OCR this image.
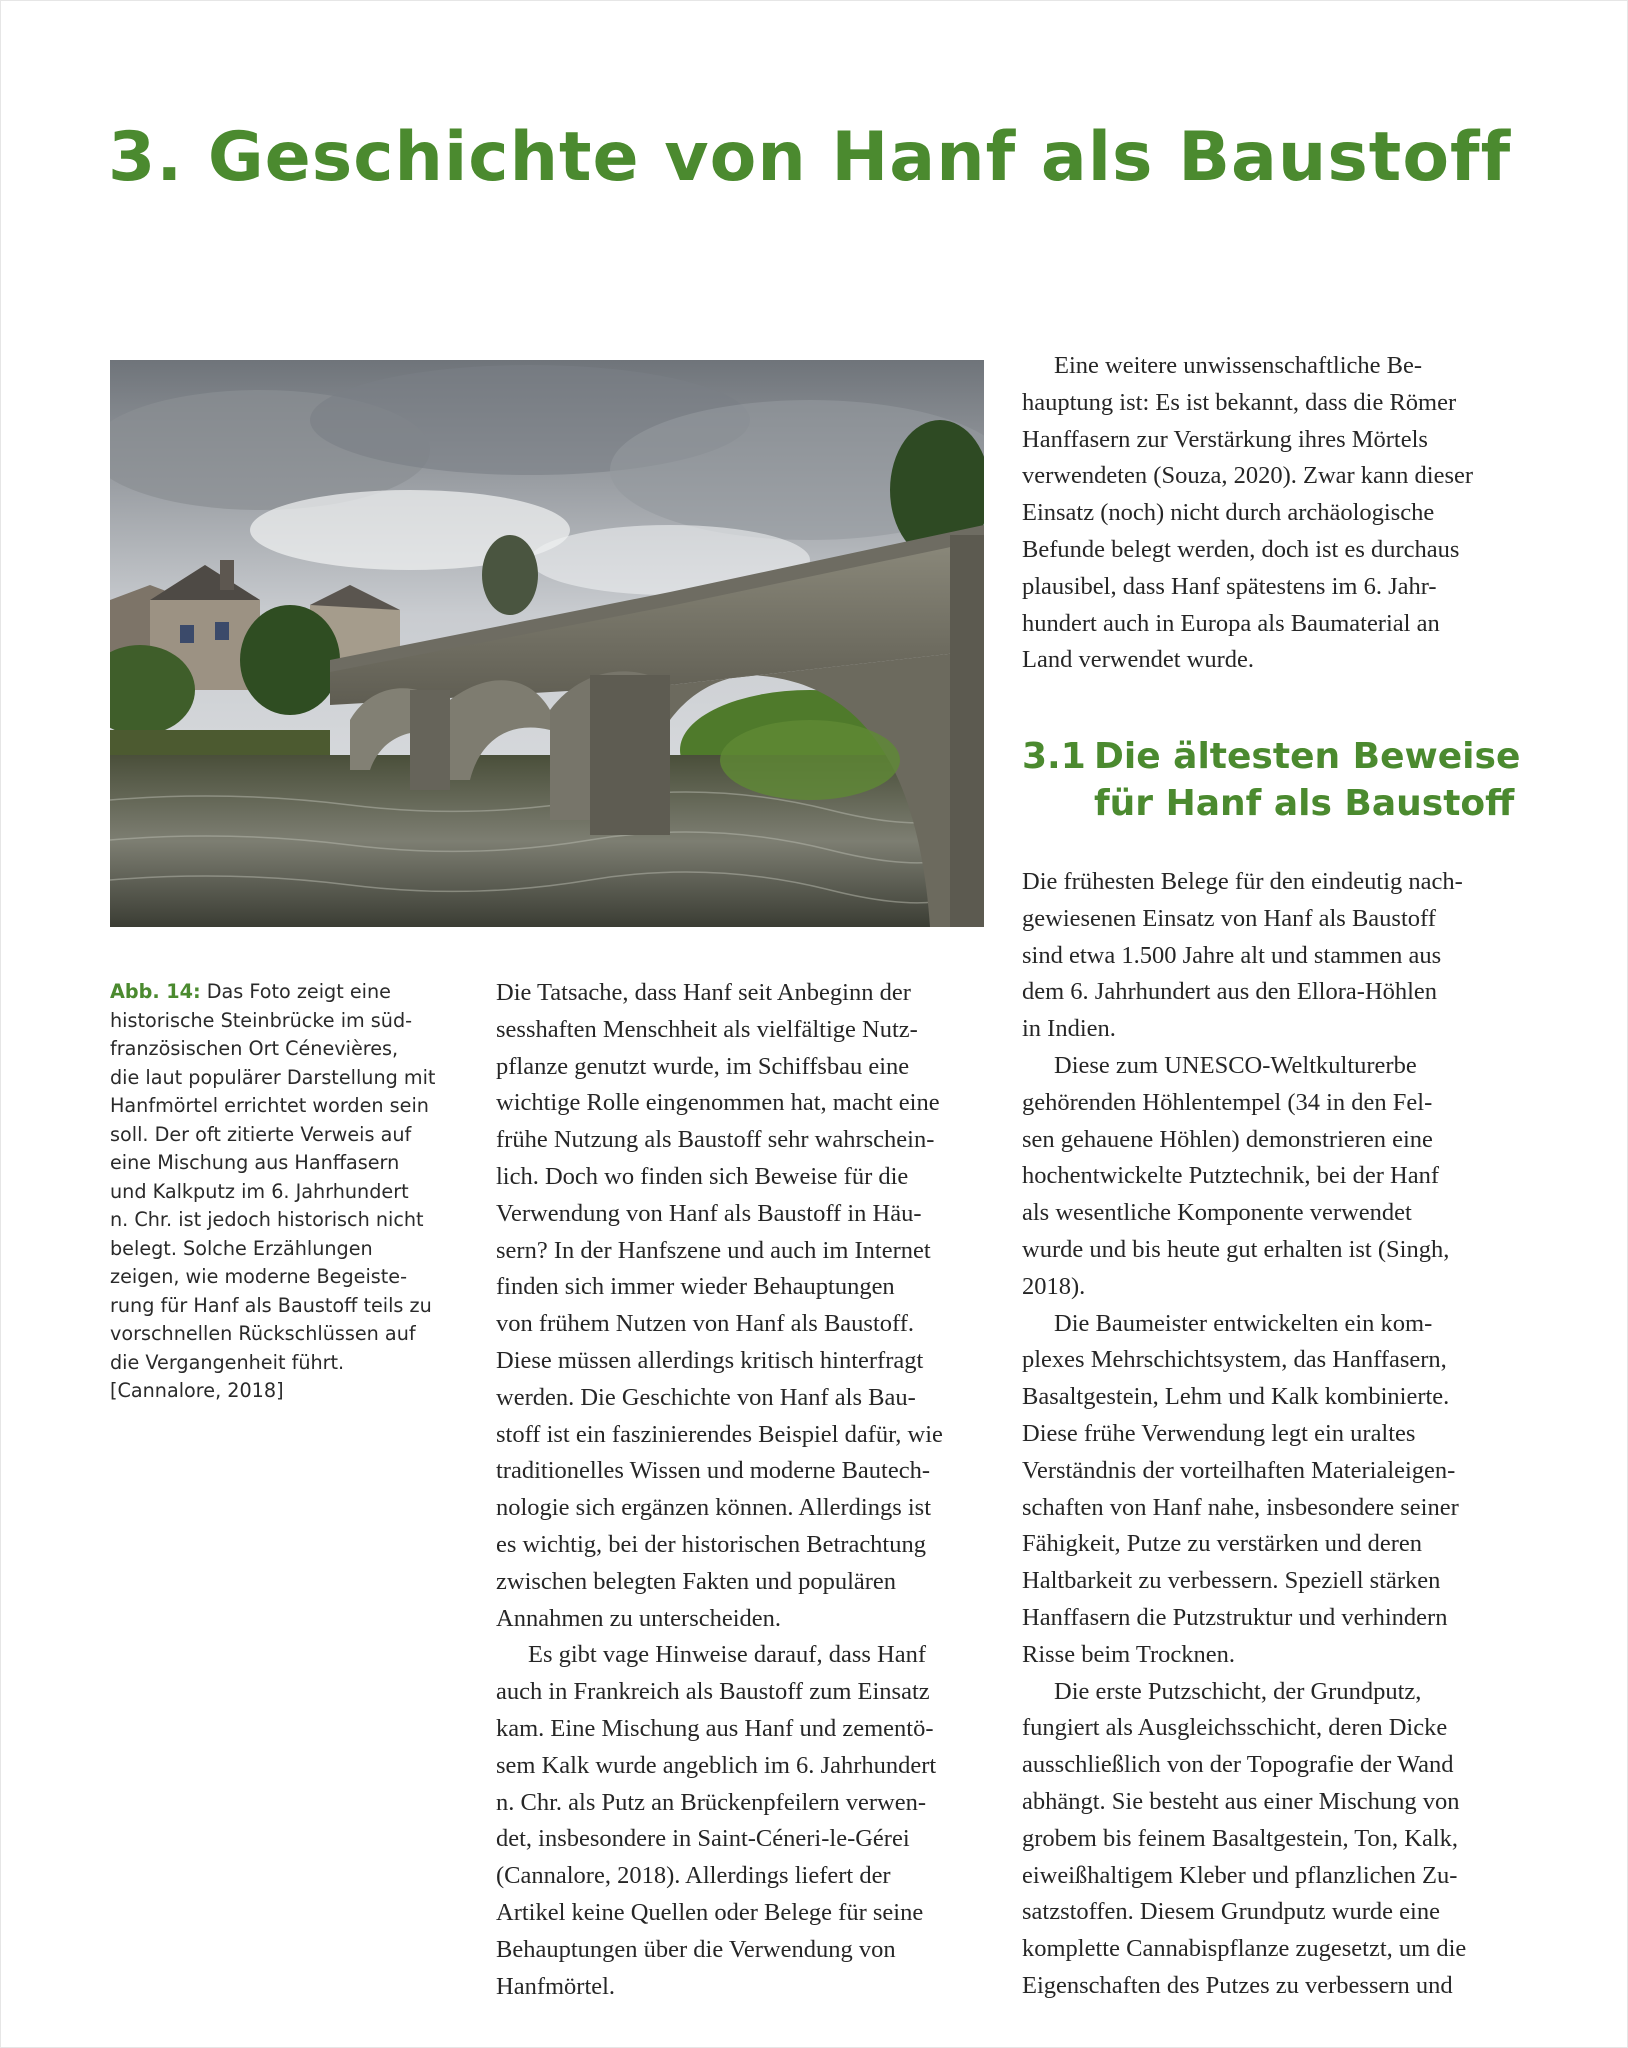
3. Geschichte von Hanf als Baustoff

Abb. 14: Das Foto zeigt eine
historische Steinbrücke im süd-
französischen Ort Cénevières,
die laut populärer Darstellung mit
Hanfmörtel errichtet worden sein
soll. Der oft zitierte Verweis auf
eine Mischung aus Hanffasern
und Kalkputz im 6. Jahrhundert
n. Chr. ist jedoch historisch nicht
belegt. Solche Erzählungen
zeigen, wie moderne Begeiste-
rung für Hanf als Baustoff teils zu
vorschnellen Rückschlüssen auf
die Vergangenheit führt.
[Cannalore, 2018]

Die Tatsache, dass Hanf seit Anbeginn der
sesshaften Menschheit als vielfältige Nutz-
pflanze genutzt wurde, im Schiffsbau eine
wichtige Rolle eingenommen hat, macht eine
frühe Nutzung als Baustoff sehr wahrschein-
lich. Doch wo finden sich Beweise für die
Verwendung von Hanf als Baustoff in Häu-
sern? In der Hanfszene und auch im Internet
finden sich immer wieder Behauptungen
von frühem Nutzen von Hanf als Baustoff.
Diese müssen allerdings kritisch hinterfragt
werden. Die Geschichte von Hanf als Bau-
stoff ist ein faszinierendes Beispiel dafür, wie
traditionelles Wissen und moderne Bautech-
nologie sich ergänzen können. Allerdings ist
es wichtig, bei der historischen Betrachtung
zwischen belegten Fakten und populären
Annahmen zu unterscheiden.

Es gibt vage Hinweise darauf, dass Hanf
auch in Frankreich als Baustoff zum Einsatz
kam. Eine Mischung aus Hanf und zementö-
sem Kalk wurde angeblich im 6. Jahrhundert
n. Chr. als Putz an Brückenpfeilern verwen-
det, insbesondere in Saint-Céneri-le-Gérei
(Cannalore, 2018). Allerdings liefert der
Artikel keine Quellen oder Belege für seine
Behauptungen über die Verwendung von
Hanfmörtel.

Eine weitere unwissenschaftliche Be-
hauptung ist: Es ist bekannt, dass die Römer
Hanffasern zur Verstärkung ihres Mörtels
verwendeten (Souza, 2020). Zwar kann dieser
Einsatz (noch) nicht durch archäologische
Befunde belegt werden, doch ist es durchaus
plausibel, dass Hanf spätestens im 6. Jahr-
hundert auch in Europa als Baumaterial an
Land verwendet wurde.

3.1 Die ältesten Beweise
für Hanf als Baustoff

Die frühesten Belege für den eindeutig nach-
gewiesenen Einsatz von Hanf als Baustoff
sind etwa 1.500 Jahre alt und stammen aus
dem 6. Jahrhundert aus den Ellora-Höhlen
in Indien.

Diese zum UNESCO-Weltkulturerbe
gehörenden Höhlentempel (34 in den Fel-
sen gehauene Höhlen) demonstrieren eine
hochentwickelte Putztechnik, bei der Hanf
als wesentliche Komponente verwendet
wurde und bis heute gut erhalten ist (Singh,
2018).

Die Baumeister entwickelten ein kom-
plexes Mehrschichtsystem, das Hanffasern,
Basaltgestein, Lehm und Kalk kombinierte.
Diese frühe Verwendung legt ein uraltes
Verständnis der vorteilhaften Materialeigen-
schaften von Hanf nahe, insbesondere seiner
Fähigkeit, Putze zu verstärken und deren
Haltbarkeit zu verbessern. Speziell stärken
Hanffasern die Putzstruktur und verhindern
Risse beim Trocknen.

Die erste Putzschicht, der Grundputz,
fungiert als Ausgleichsschicht, deren Dicke
ausschließlich von der Topografie der Wand
abhängt. Sie besteht aus einer Mischung von
grobem bis feinem Basaltgestein, Ton, Kalk,
eiweißhaltigem Kleber und pflanzlichen Zu-
satzstoffen. Diesem Grundputz wurde eine
komplette Cannabispflanze zugesetzt, um die
Eigenschaften des Putzes zu verbessern und
